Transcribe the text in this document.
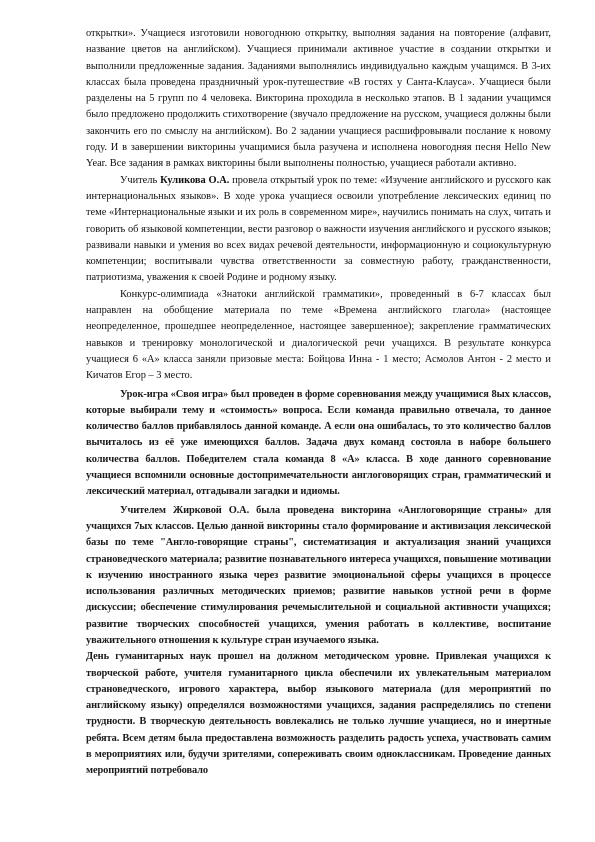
открытки». Учащиеся изготовили новогоднюю открытку, выполняя задания на повторение (алфавит, название цветов на английском). Учащиеся принимали активное участие в создании открытки и выполнили предложенные задания. Заданиями выполнялись индивидуально каждым учащимся. В 3-их классах была проведена праздничный урок-путешествие «В гостях у Санта-Клауса». Учащиеся были разделены на 5 групп по 4 человека. Викторина проходила в несколько этапов. В 1 задании учащимся было предложено продолжить стихотворение (звучало предложение на русском, учащиеся должны были закончить его по смыслу на английском). Во 2 задании учащиеся расшифровывали послание к новому году. И в завершении викторины учащимися была разучена и исполнена новогодняя песня Hello New Year. Все задания в рамках викторины были выполнены полностью, учащиеся работали активно.

Учитель Куликова О.А. провела открытый урок по теме: «Изучение английского и русского как интернациональных языков». В ходе урока учащиеся освоили употребление лексических единиц по теме «Интернациональные языки и их роль в современном мире», научились понимать на слух, читать и говорить об языковой компетенции, вести разговор о важности изучения английского и русского языков; развивали навыки и умения во всех видах речевой деятельности, информационную и социокультурную компетенции; воспитывали чувства ответственности за совместную работу, гражданственности, патриотизма, уважения к своей Родине и родному языку.

Конкурс-олимпиада «Знатоки английской грамматики», проведенный в 6-7 классах был направлен на обобщение материала по теме «Времена английского глагола» (настоящее неопределенное, прошедшее неопределенное, настоящее завершенное); закрепление грамматических навыков и тренировку монологической и диалогической речи учащихся. В результате конкурса учащиеся 6 «А» класса заняли призовые места: Бойцова Инна - 1 место; Асмолов Антон - 2 место и Кичатов Егор – 3 место.

Урок-игра «Своя игра» был проведен в форме соревнования между учащимися 8ых классов, которые выбирали тему и «стоимость» вопроса. Если команда правильно отвечала, то данное количество баллов прибавлялось данной команде. А если она ошибалась, то это количество баллов вычиталось из её уже имеющихся баллов. Задача двух команд состояла в наборе большего количества баллов. Победителем стала команда 8 «А» класса. В ходе данного соревнование учащиеся вспомнили основные достопримечательности англоговорящих стран, грамматический и лексический материал, отгадывали загадки и идиомы.

Учителем Жирковой О.А. была проведена викторина «Англоговорящие страны» для учащихся 7ых классов. Целью данной викторины стало формирование и активизация лексической базы по теме "Англо-говорящие страны", систематизация и актуализация знаний учащихся страноведческого материала; развитие познавательного интереса учащихся, повышение мотивации к изучению иностранного языка через развитие эмоциональной сферы учащихся в процессе использования различных методических приемов; развитие навыков устной речи в форме дискуссии; обеспечение стимулирования речемыслительной и социальной активности учащихся; развитие творческих способностей учащихся, умения работать в коллективе, воспитание уважительного отношения к культуре стран изучаемого языка.

День гуманитарных наук прошел на должном методическом уровне. Привлекая учащихся к творческой работе, учителя гуманитарного цикла обеспечили их увлекательным материалом страноведческого, игрового характера, выбор языкового материала (для мероприятий по английскому языку) определялся возможностями учащихся, задания распределялись по степени трудности. В творческую деятельность вовлекались не только лучшие учащиеся, но и инертные ребята. Всем детям была предоставлена возможность разделить радость успеха, участвовать самим в мероприятиях или, будучи зрителями, сопереживать своим одноклассникам. Проведение данных мероприятий потребовало
